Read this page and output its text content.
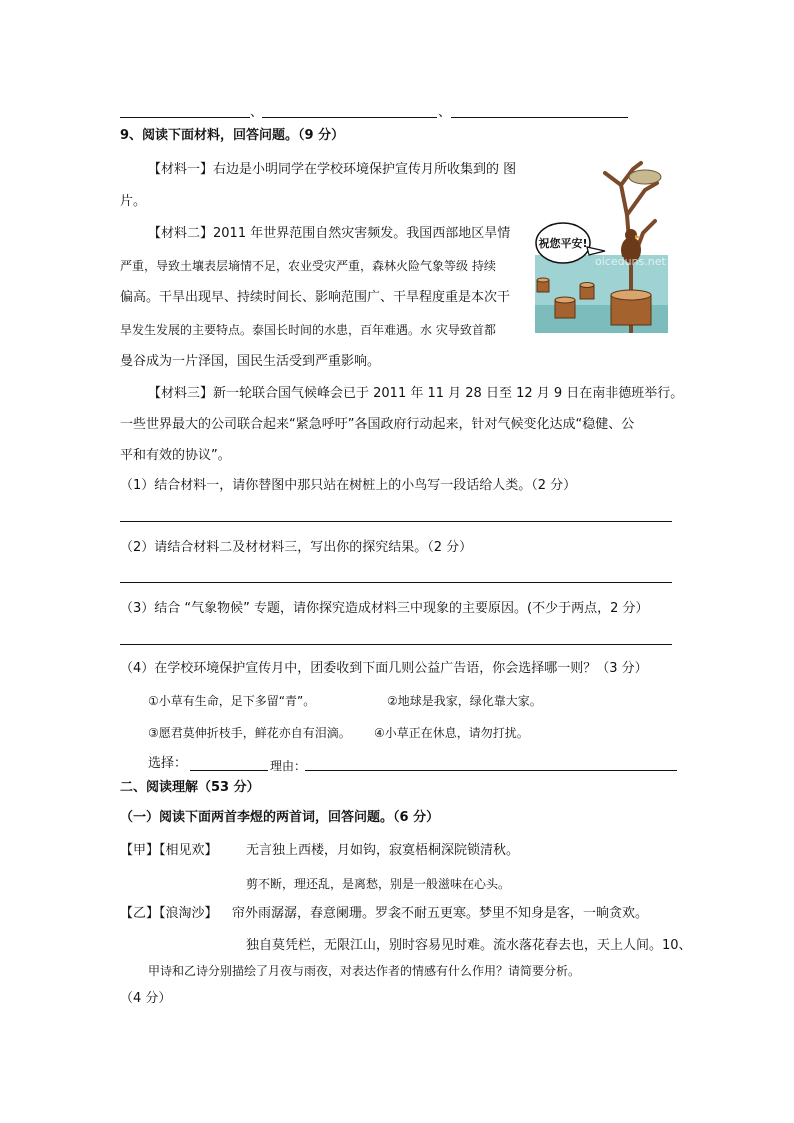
、	、
9、阅读下面材料，回答问题。（9 分）
【材料一】右边是小明同学在学校环境保护宣传月所收集到的 图
片。
【材料二】2011 年世界范围自然灾害频发。我国西部地区旱情
严重，导致土壤表层墒情不足，农业受灾严重，森林火险气象等级 持续
偏高。干旱出现早、持续时间长、影响范围广、干旱程度重是本次干
旱发生发展的主要特点。泰国长时间的水患，百年难遇。水 灾导致首都
曼谷成为一片泽国，国民生活受到严重影响。
祝您平安!
oiceduns.net
【材料三】新一轮联合国气候峰会已于 2011 年 11 月 28 日至 12 月 9 日在南非德班举行。
一些世界最大的公司联合起来“紧急呼吁”各国政府行动起来，针对气候变化达成“稳健、公
平和有效的协议”。
（1）结合材料一，请你替图中那只站在树桩上的小鸟写一段话给人类。（2 分）
（2）请结合材料二及材材料三，写出你的探究结果。（2 分）
（3）结合 “气象物候” 专题，请你探究造成材料三中现象的主要原因。(不少于两点，2 分）
（4）在学校环境保护宣传月中，团委收到下面几则公益广告语，你会选择哪一则？（3 分）
①小草有生命，足下多留“青”。	②地球是我家，绿化靠大家。
③愿君莫伸折枝手，鲜花亦自有泪滴。 ④小草正在休息，请勿打扰。
选择：	理由：
二、阅读理解（53 分）
（一）阅读下面两首李煜的两首词，回答问题。（6 分）
【甲】【相见欢】 无言独上西楼，月如钩，寂寞梧桐深院锁清秋。
剪不断，理还乱，是离愁，别是一般滋味在心头。
【乙】【浪淘沙】 帘外雨潺潺，春意阑珊。罗衾不耐五更寒。梦里不知身是客，一晌贪欢。
独自莫凭栏，无限江山，别时容易见时难。流水落花春去也，天上人间。10、
甲诗和乙诗分别描绘了月夜与雨夜，对表达作者的情感有什么作用？请简要分析。
（4 分）
